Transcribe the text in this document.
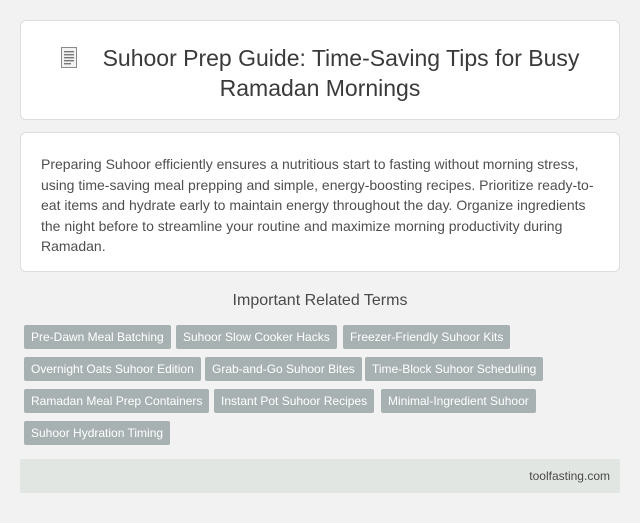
Suhoor Prep Guide: Time-Saving Tips for Busy
Ramadan Mornings

Preparing Suhoor efficiently ensures a nutritious start to fasting without morning stress, using time-saving meal prepping and simple, energy-boosting recipes. Prioritize ready-to-eat items and hydrate early to maintain energy throughout the day. Organize ingredients the night before to streamline your routine and maximize morning productivity during Ramadan.

Important Related Terms
Pre-Dawn Meal Batching	Suhoor Slow Cooker Hacks	Freezer-Friendly Suhoor Kits
Overnight Oats Suhoor Edition	Grab-and-Go Suhoor Bites	Time-Block Suhoor Scheduling
Ramadan Meal Prep Containers	Instant Pot Suhoor Recipes	Minimal-Ingredient Suhoor
Suhoor Hydration Timing
toolfasting.com
